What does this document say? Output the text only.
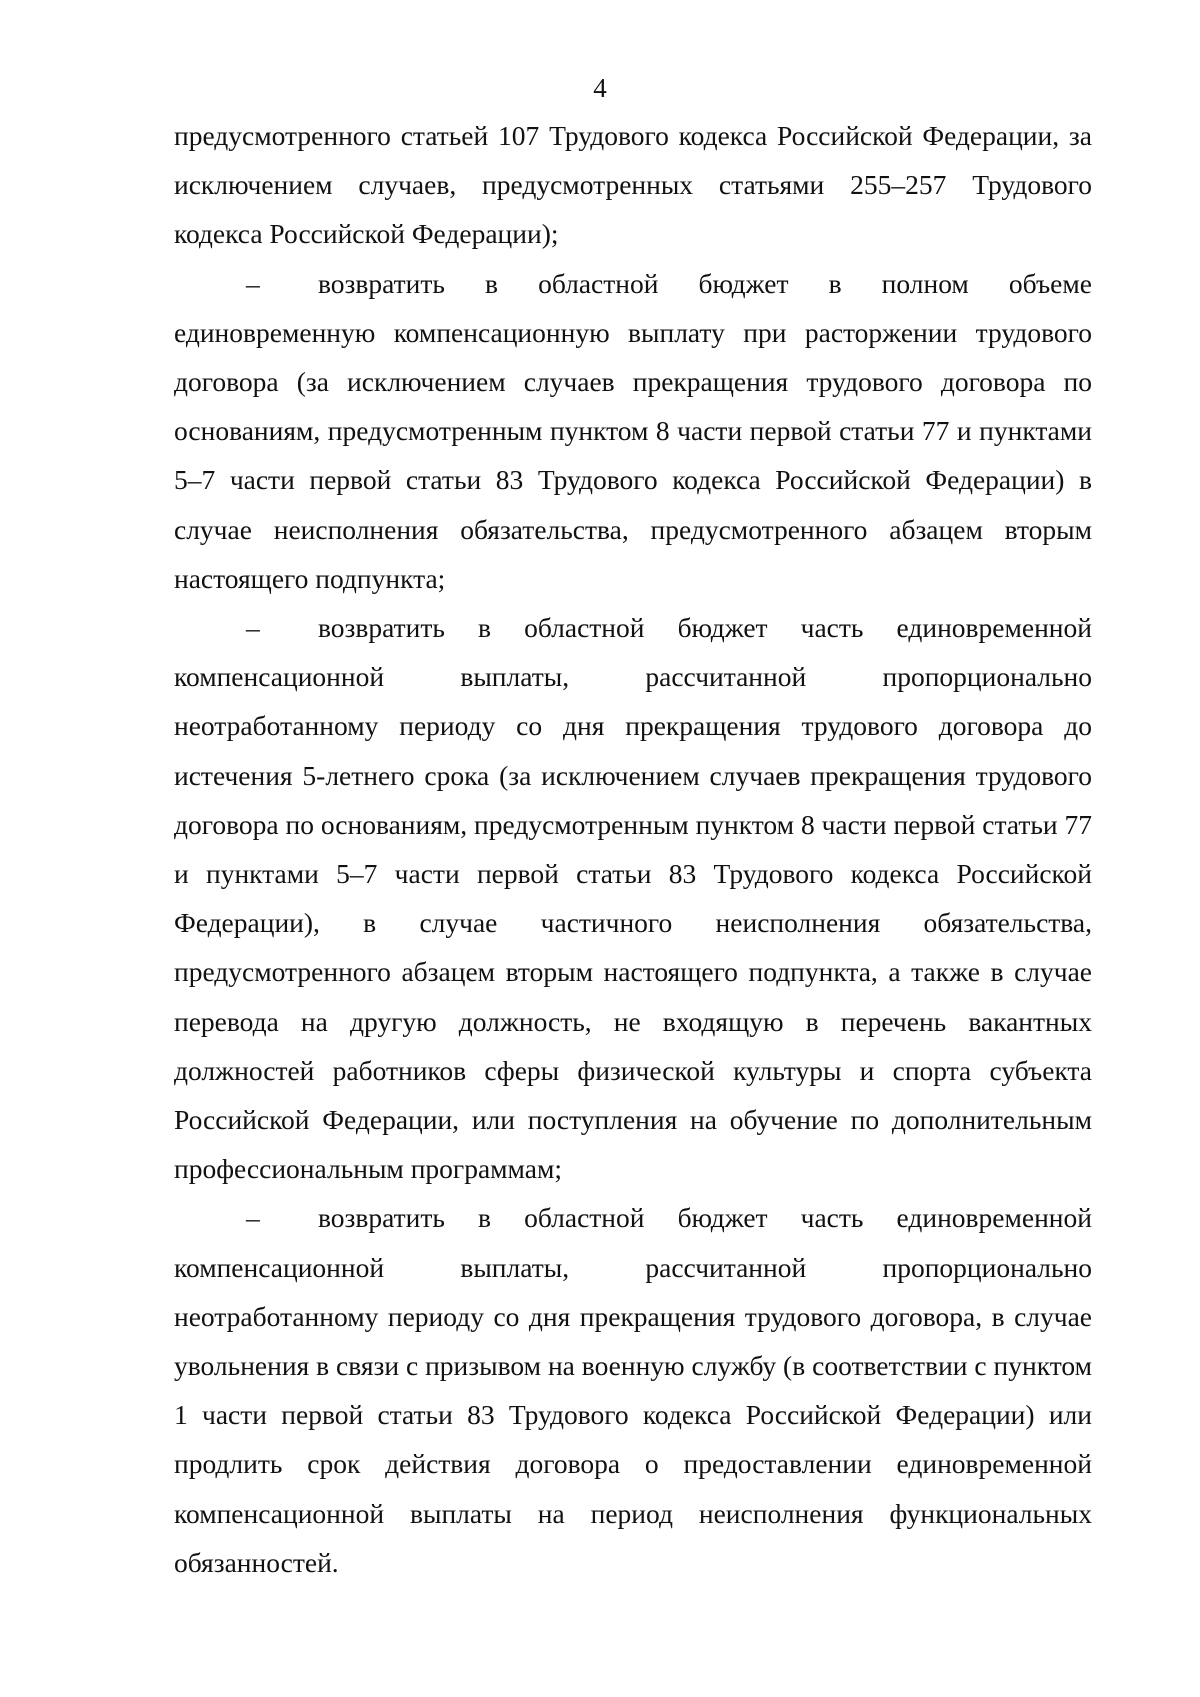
4

предусмотренного статьей 107 Трудового кодекса Российской Федерации, за исключением случаев, предусмотренных статьями 255–257 Трудового кодекса Российской Федерации);

– возвратить в областной бюджет в полном объеме единовременную компенсационную выплату при расторжении трудового договора (за исключением случаев прекращения трудового договора по основаниям, предусмотренным пунктом 8 части первой статьи 77 и пунктами 5–7 части первой статьи 83 Трудового кодекса Российской Федерации) в случае неисполнения обязательства, предусмотренного абзацем вторым настоящего подпункта;

– возвратить в областной бюджет часть единовременной компенсационной выплаты, рассчитанной пропорционально неотработанному периоду со дня прекращения трудового договора до истечения 5-летнего срока (за исключением случаев прекращения трудового договора по основаниям, предусмотренным пунктом 8 части первой статьи 77 и пунктами 5–7 части первой статьи 83 Трудового кодекса Российской Федерации), в случае частичного неисполнения обязательства, предусмотренного абзацем вторым настоящего подпункта, а также в случае перевода на другую должность, не входящую в перечень вакантных должностей работников сферы физической культуры и спорта субъекта Российской Федерации, или поступления на обучение по дополнительным профессиональным программам;

– возвратить в областной бюджет часть единовременной компенсационной выплаты, рассчитанной пропорционально неотработанному периоду со дня прекращения трудового договора, в случае увольнения в связи с призывом на военную службу (в соответствии с пунктом 1 части первой статьи 83 Трудового кодекса Российской Федерации) или продлить срок действия договора о предоставлении единовременной компенсационной выплаты на период неисполнения функциональных обязанностей.
